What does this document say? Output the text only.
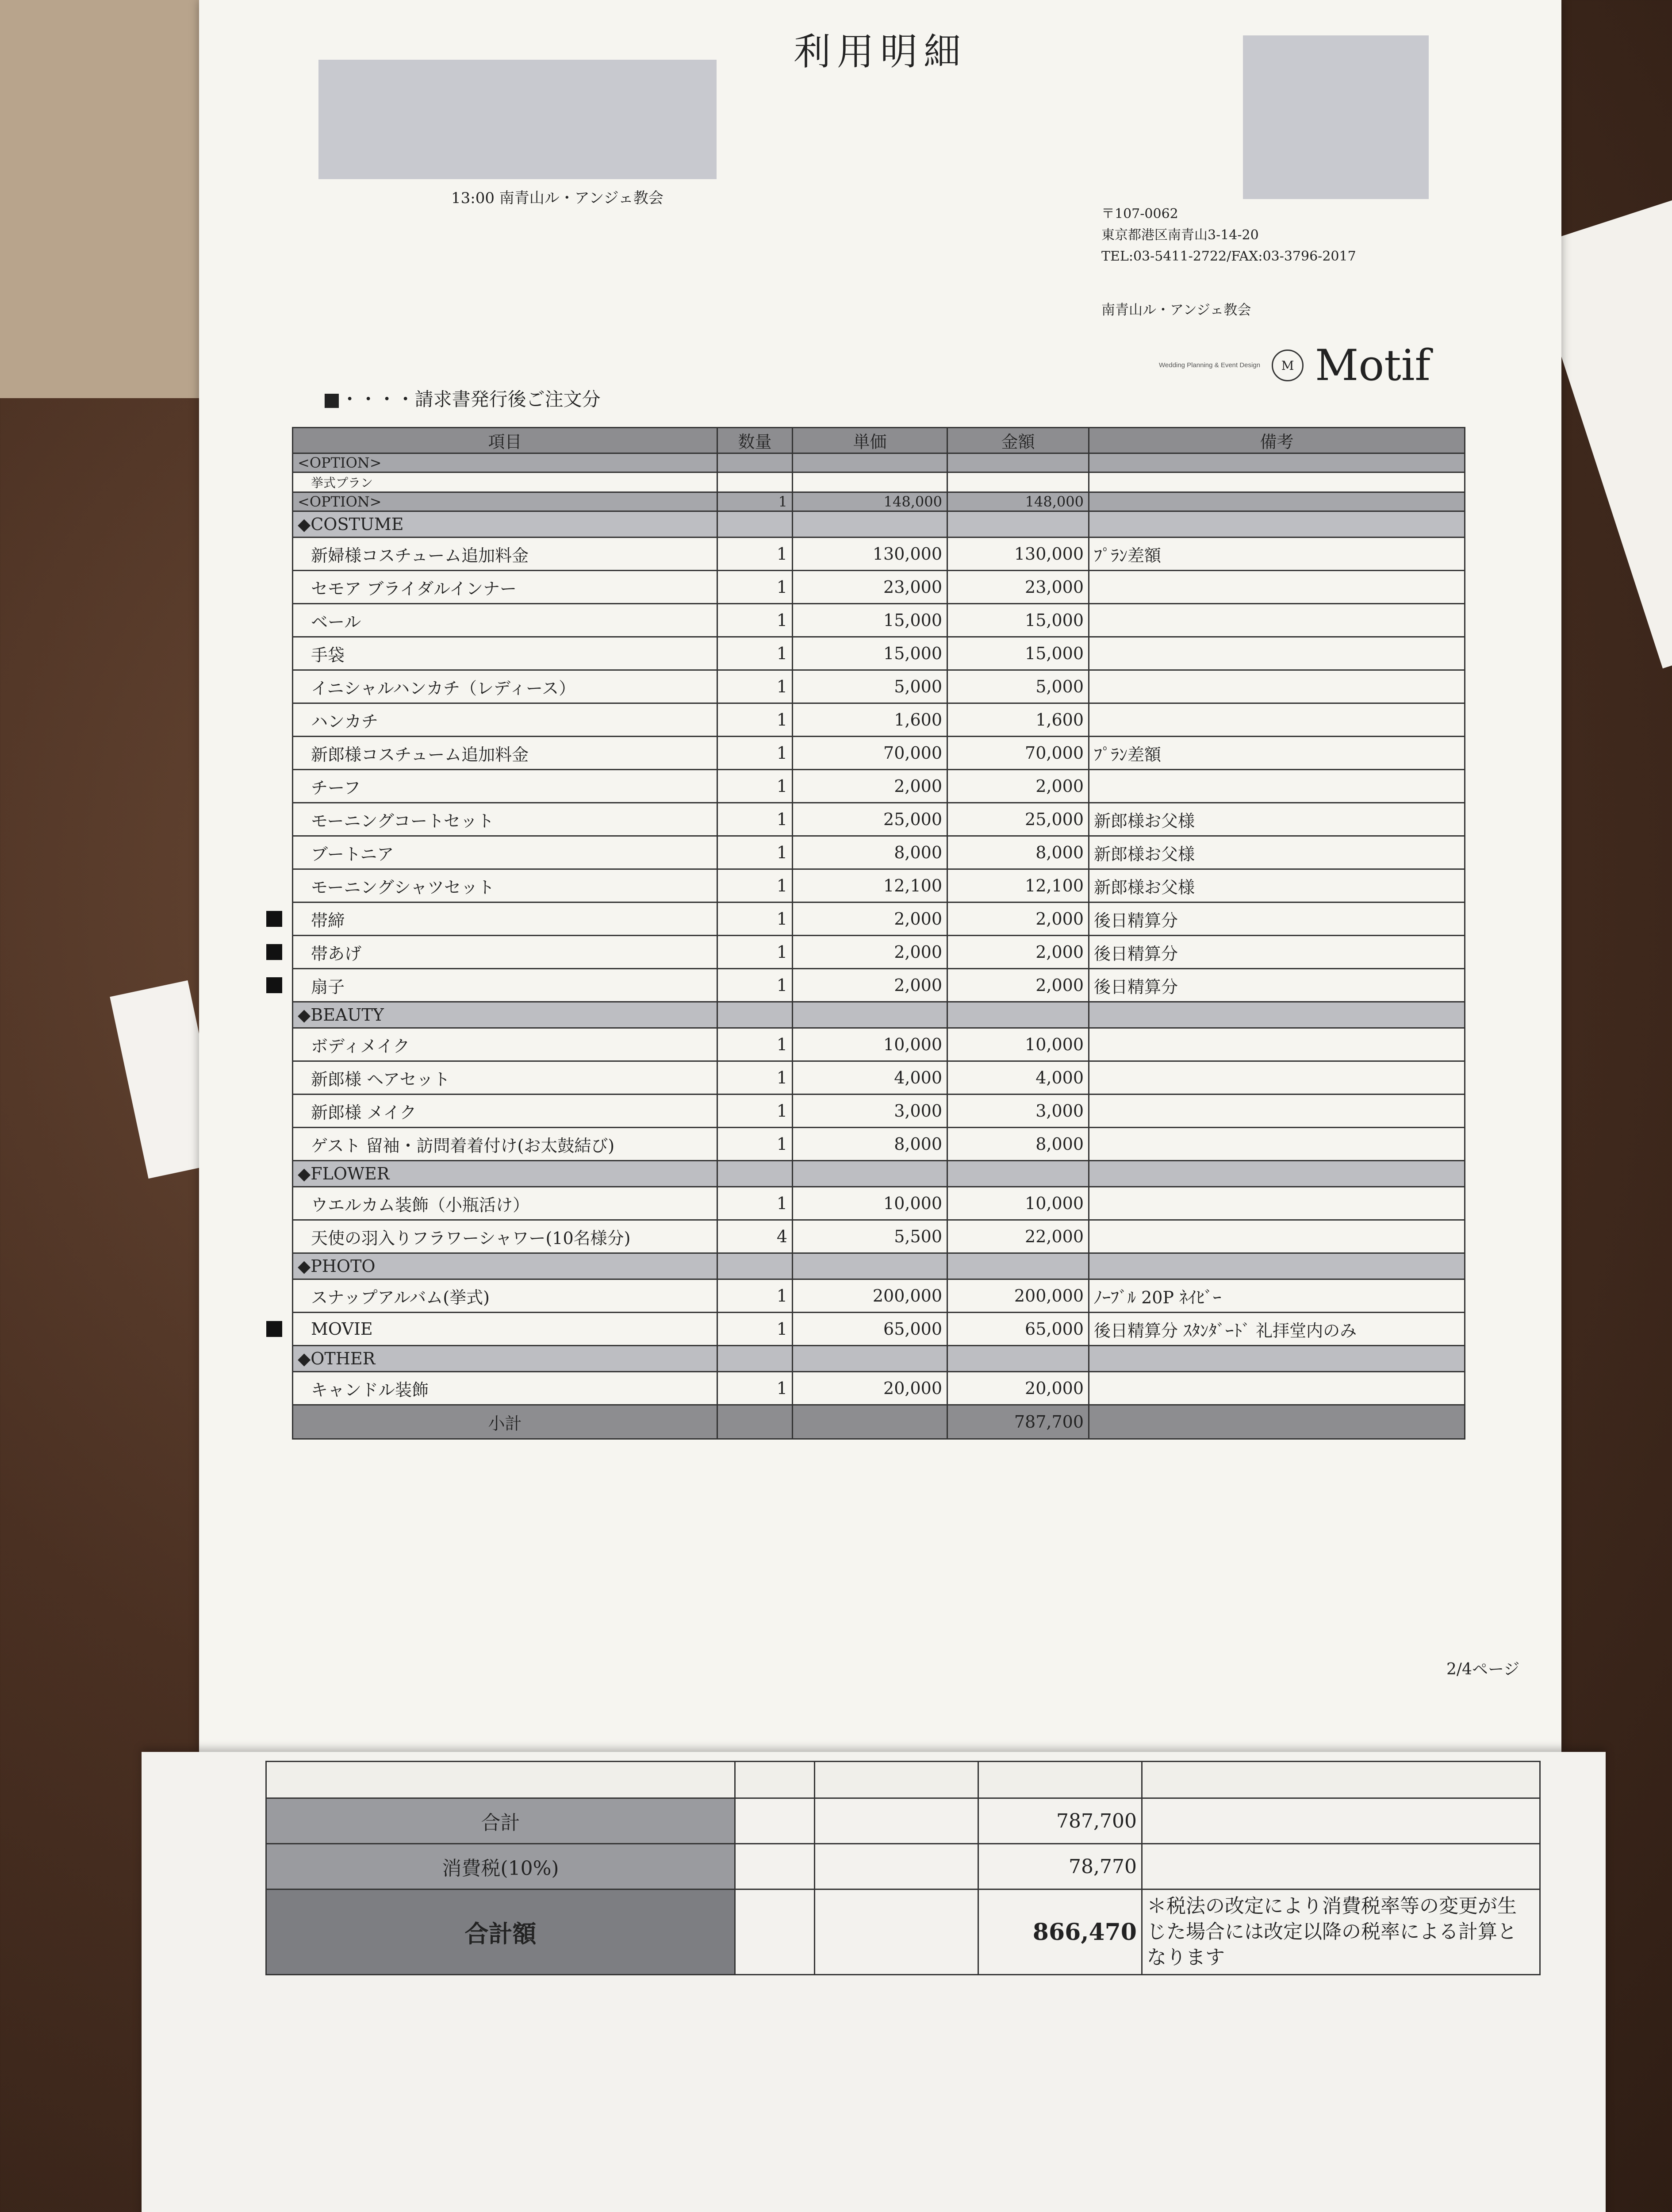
利用明細
13:00 南青山ル・アンジェ教会
〒107-0062
東京都港区南青山3-14-20
TEL:03-5411-2722/FAX:03-3796-2017
南青山ル・アンジェ教会
Wedding Planning & Event Design	M Motif
■・・・・請求書発行後ご注文分
項目	数量	単価	金額	備考
<OPTION>				
挙式プラン				
<OPTION>	1	148,000	148,000	
◆COSTUME				
新婦様コスチューム追加料金	1	130,000	130,000	ﾌﾟﾗﾝ差額
セモア ブライダルインナー	1	23,000	23,000	
ベール	1	15,000	15,000	
手袋	1	15,000	15,000	
イニシャルハンカチ（レディース）	1	5,000	5,000	
ハンカチ	1	1,600	1,600	
新郎様コスチューム追加料金	1	70,000	70,000	ﾌﾟﾗﾝ差額
チーフ	1	2,000	2,000	
モーニングコートセット	1	25,000	25,000	新郎様お父様
ブートニア	1	8,000	8,000	新郎様お父様
モーニングシャツセット	1	12,100	12,100	新郎様お父様
帯締	1	2,000	2,000	後日精算分
帯あげ	1	2,000	2,000	後日精算分
扇子	1	2,000	2,000	後日精算分
◆BEAUTY				
ボディメイク	1	10,000	10,000	
新郎様 ヘアセット	1	4,000	4,000	
新郎様 メイク	1	3,000	3,000	
ゲスト 留袖・訪問着着付け(お太鼓結び)	1	8,000	8,000	
◆FLOWER				
ウエルカム装飾（小瓶活け）	1	10,000	10,000	
天使の羽入りフラワーシャワー(10名様分)	4	5,500	22,000	
◆PHOTO				
スナップアルバム(挙式)	1	200,000	200,000	ﾉｰﾌﾞﾙ 20P ﾈｲﾋﾞｰ
MOVIE	1	65,000	65,000	後日精算分 ｽﾀﾝﾀﾞｰﾄﾞ 礼拝堂内のみ
◆OTHER				
キャンドル装飾	1	20,000	20,000	
小計			787,700	
2/4ページ

合計			787,700	
消費税(10%)			78,770	
合計額			866,470	＊税法の改定により消費税率等の変更が生じた場合には改定以降の税率による計算となります
